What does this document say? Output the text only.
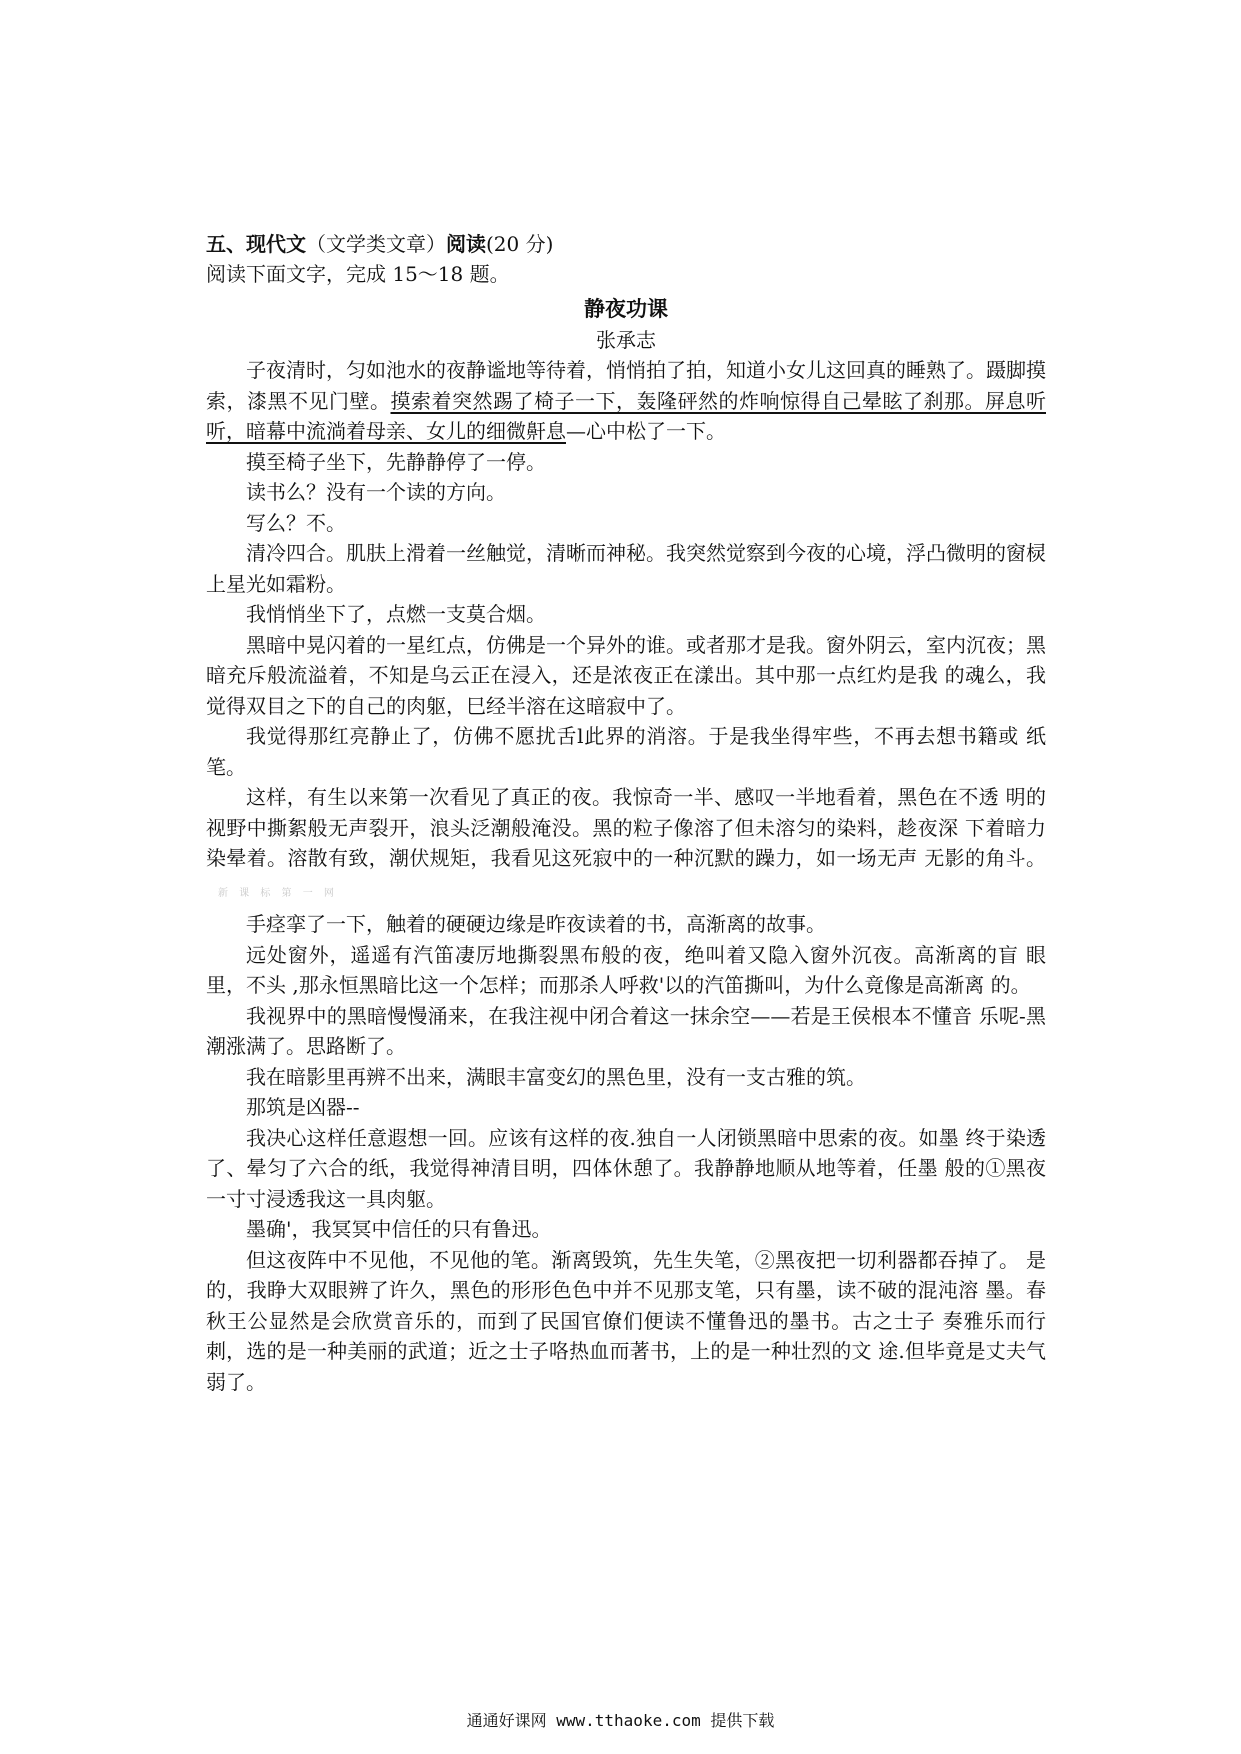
五、现代文（文学类文章）阅读(20 分)

阅读下面文字，完成 15～18 题。

静夜功课

张承志

子夜清时，匀如池水的夜静谧地等待着，悄悄拍了拍，知道小女儿这回真的睡熟了。蹑脚摸索，漆黑不见门壁。摸索着突然踢了椅子一下，轰隆砰然的炸响惊得自己晕眩了刹那。屏息听听，暗幕中流淌着母亲、女儿的细微鼾息—心中松了一下。

摸至椅子坐下，先静静停了一停。

读书么？没有一个读的方向。

写么？不。

清冷四合。肌肤上滑着一丝触觉，清晰而神秘。我突然觉察到今夜的心境，浮凸微明的窗棂上星光如霜粉。

我悄悄坐下了，点燃一支莫合烟。

黑暗中晃闪着的一星红点，仿佛是一个异外的谁。或者那才是我。窗外阴云，室内沉夜；黑暗充斥般流溢着，不知是乌云正在浸入，还是浓夜正在漾出。其中那一点红灼是我 的魂么，我觉得双目之下的自己的肉躯，巳经半溶在这暗寂中了。

我觉得那红亮静止了，仿佛不愿扰舌l此界的消溶。于是我坐得牢些，不再去想书籍或 纸笔。

这样，有生以来第一次看见了真正的夜。我惊奇一半、感叹一半地看着，黑色在不透 明的视野中撕絮般无声裂开，浪头泛潮般淹没。黑的粒子像溶了但未溶匀的染料，趁夜深 下着暗力染晕着。溶散有致，潮伏规矩，我看见这死寂中的一种沉默的躁力，如一场无声 无影的角斗。新 课 标 第 一 网

手痉挛了一下，触着的硬硬边缘是昨夜读着的书，高渐离的故事。

远处窗外，遥遥有汽笛凄厉地撕裂黑布般的夜，绝叫着又隐入窗外沉夜。高渐离的盲 眼里，不头 ,那永恒黑暗比这一个怎样；而那杀人呼救'以的汽笛撕叫，为什么竟像是高渐离 的。

我视界中的黑暗慢慢涌来，在我注视中闭合着这一抹余空——若是王侯根本不懂音 乐呢-黑潮涨满了。思路断了。

我在暗影里再辨不出来，满眼丰富变幻的黑色里，没有一支古雅的筑。

那筑是凶器--

我决心这样任意遐想一回。应该有这样的夜.独自一人闭锁黑暗中思索的夜。如墨 终于染透了、晕匀了六合的纸，我觉得神清目明，四体休憩了。我静静地顺从地等着，任墨 般的①黑夜一寸寸浸透我这一具肉躯。

墨确'，我冥冥中信任的只有鲁迅。

但这夜阵中不见他，不见他的笔。渐离毁筑，先生失笔，②黑夜把一切利器都吞掉了。 是的，我睁大双眼辨了许久，黑色的形形色色中并不见那支笔，只有墨，读不破的混沌溶 墨。春秋王公显然是会欣赏音乐的，而到了民国官僚们便读不懂鲁迅的墨书。古之士子 奏雅乐而行刺，选的是一种美丽的武道；近之士子咯热血而著书，上的是一种壮烈的文 途.但毕竟是丈夫气弱了。

通通好课网 www.tthaoke.com 提供下载
